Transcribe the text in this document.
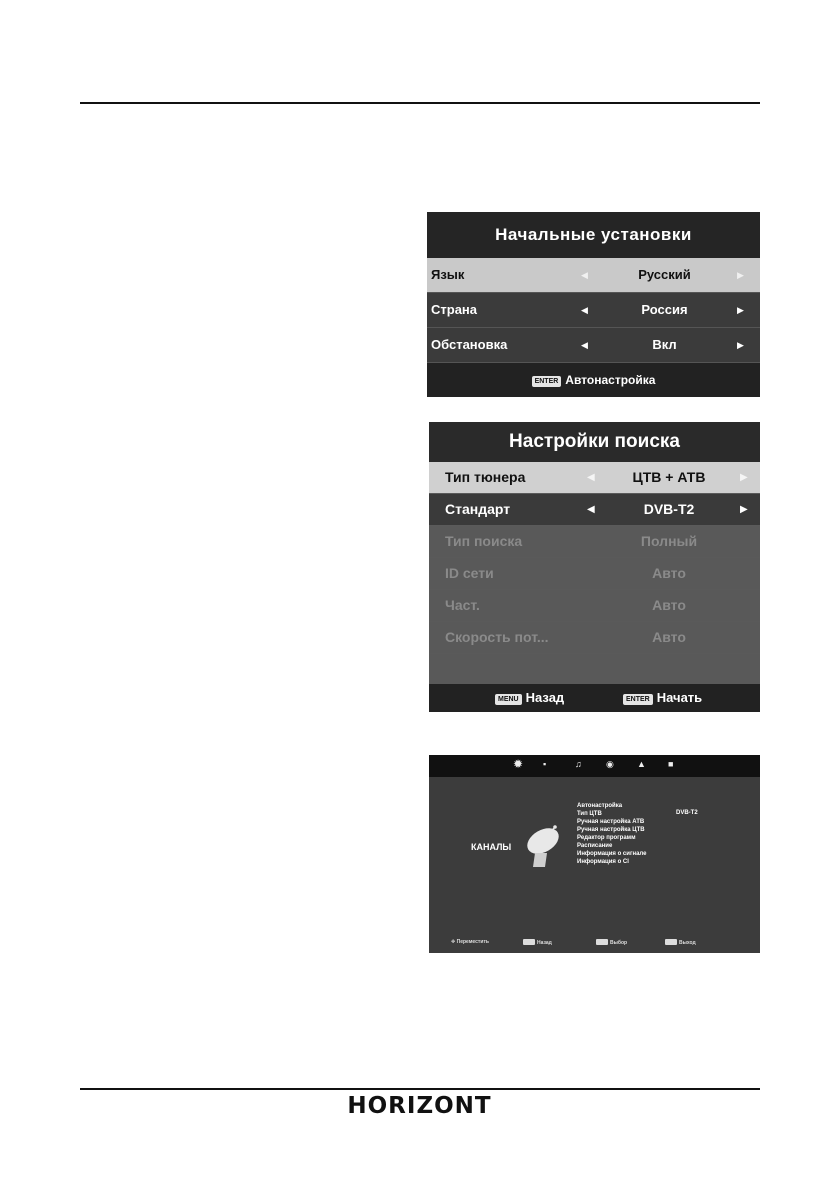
Начальные установки
Язык	◀	Русский	▶
Страна	◀	Россия	▶
Обстановка	◀	Вкл	▶
ENTER Автонастройка
Настройки поиска
Тип тюнера	◀	ЦТВ + АТВ	▶
Стандарт	◀	DVB-T2	▶
Тип поиска	Полный
ID сети	Авто
Част.	Авто
Скорость пот...	Авто
MENU Назад	ENTER Начать
✹ ▪	♫	◉	▲ ■
КАНАЛЫ
Автонастройка
Тип ЦТВ
Ручная настройка АТВ
Ручная настройка ЦТВ
Редактор программ
Расписание
Информация о сигнале
Информация о CI
DVB-T2
✥ Переместить	Назад	Выбор	Выход
HORIZONT
